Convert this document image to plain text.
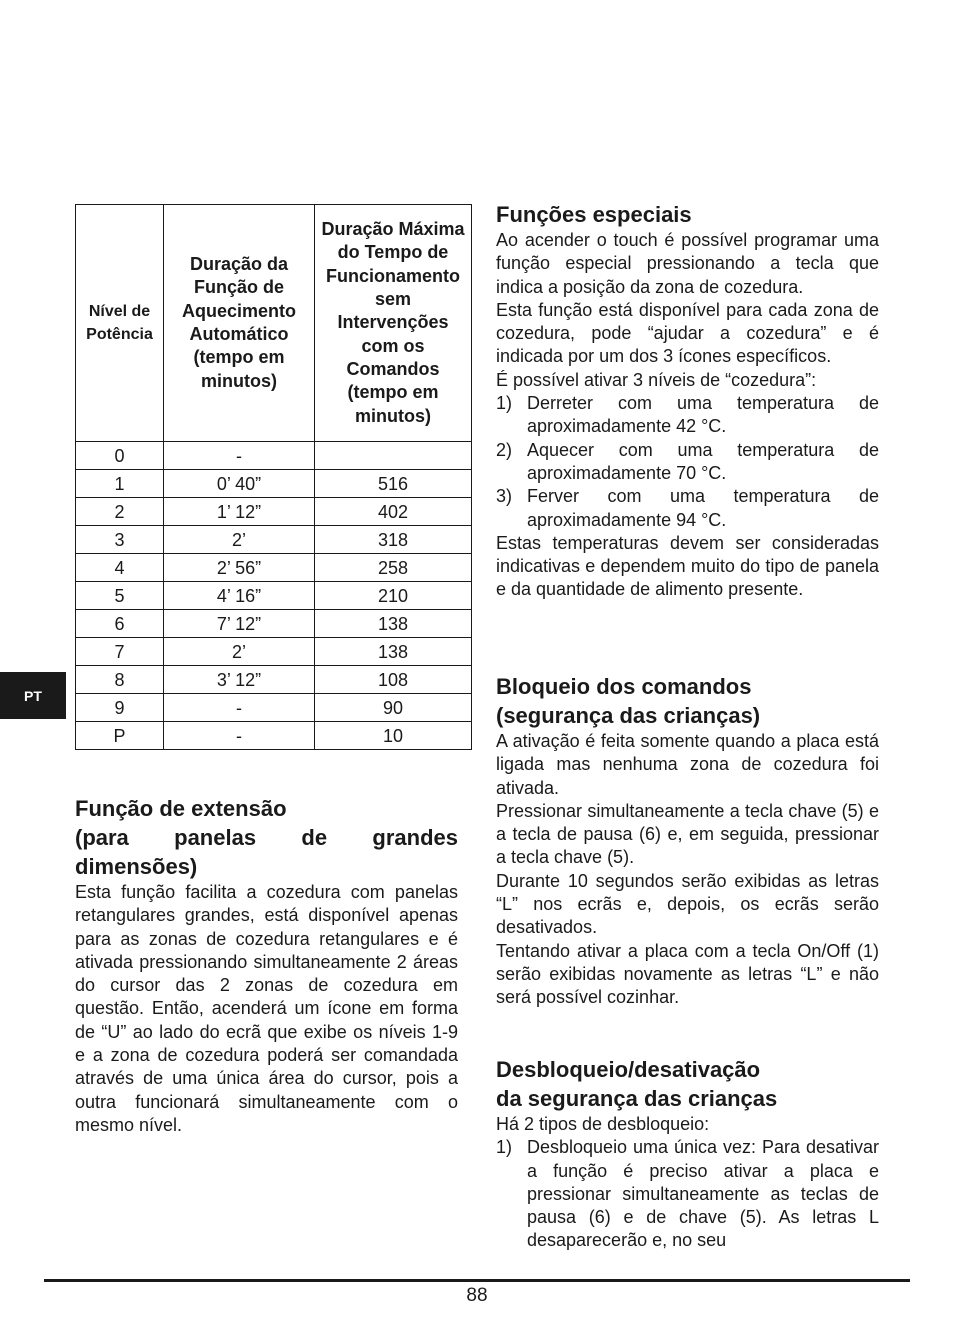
Nível de Potência	Duração da Função de Aquecimento Automático (tempo em minutos)	Duração Máxima do Tempo de Funcionamento sem Intervenções com os Comandos (tempo em minutos)
0	-	
1	0’ 40”	516
2	1’ 12”	402
3	2’	318
4	2’ 56”	258
5	4’ 16”	210
6	7’ 12”	138
7	2’	138
8	3’ 12”	108
9	-	90
P	-	10
PT
Função de extensão
(para panelas de grandes
dimensões)

Esta função facilita a cozedura com panelas retangulares grandes, está disponível apenas para as zonas de cozedura retangulares e é ativada pressionando simultaneamente 2 áreas do cursor das 2 zonas de cozedura em questão. Então, acenderá um ícone em forma de “U” ao lado do ecrã que exibe os níveis 1-9 e a zona de cozedura poderá ser comandada através de uma única área do cursor, pois a outra funcionará simultaneamente com o mesmo nível.

Funções especiais

Ao acender o touch é possível programar uma função especial pressionando a tecla que indica a posição da zona de cozedura.

Esta função está disponível para cada zona de cozedura, pode “ajudar a cozedura” e é indicada por um dos 3 ícones específicos.

É possível ativar 3 níveis de “cozedura”:

1) Derreter com uma temperatura de aproximadamente 42 °C.
2) Aquecer com uma temperatura de aproximadamente 70 °C.
3) Ferver com uma temperatura de aproximadamente 94 °C.

Estas temperaturas devem ser consideradas indicativas e dependem muito do tipo de panela e da quantidade de alimento presente.

Bloqueio dos comandos
(segurança das crianças)

A ativação é feita somente quando a placa está ligada mas nenhuma zona de cozedura foi ativada.

Pressionar simultaneamente a tecla chave (5) e a tecla de pausa (6) e, em seguida, pressionar a tecla chave (5).

Durante 10 segundos serão exibidas as letras “L” nos ecrãs e, depois, os ecrãs serão desativados.

Tentando ativar a placa com a tecla On/Off (1) serão exibidas novamente as letras “L” e não será possível cozinhar.

Desbloqueio/desativação
da segurança das crianças

Há 2 tipos de desbloqueio:

1) Desbloqueio uma única vez: Para desativar a função é preciso ativar a placa e pressionar simultaneamente as teclas de pausa (6) e de chave (5). As letras L desaparecerão e, no seu
88
